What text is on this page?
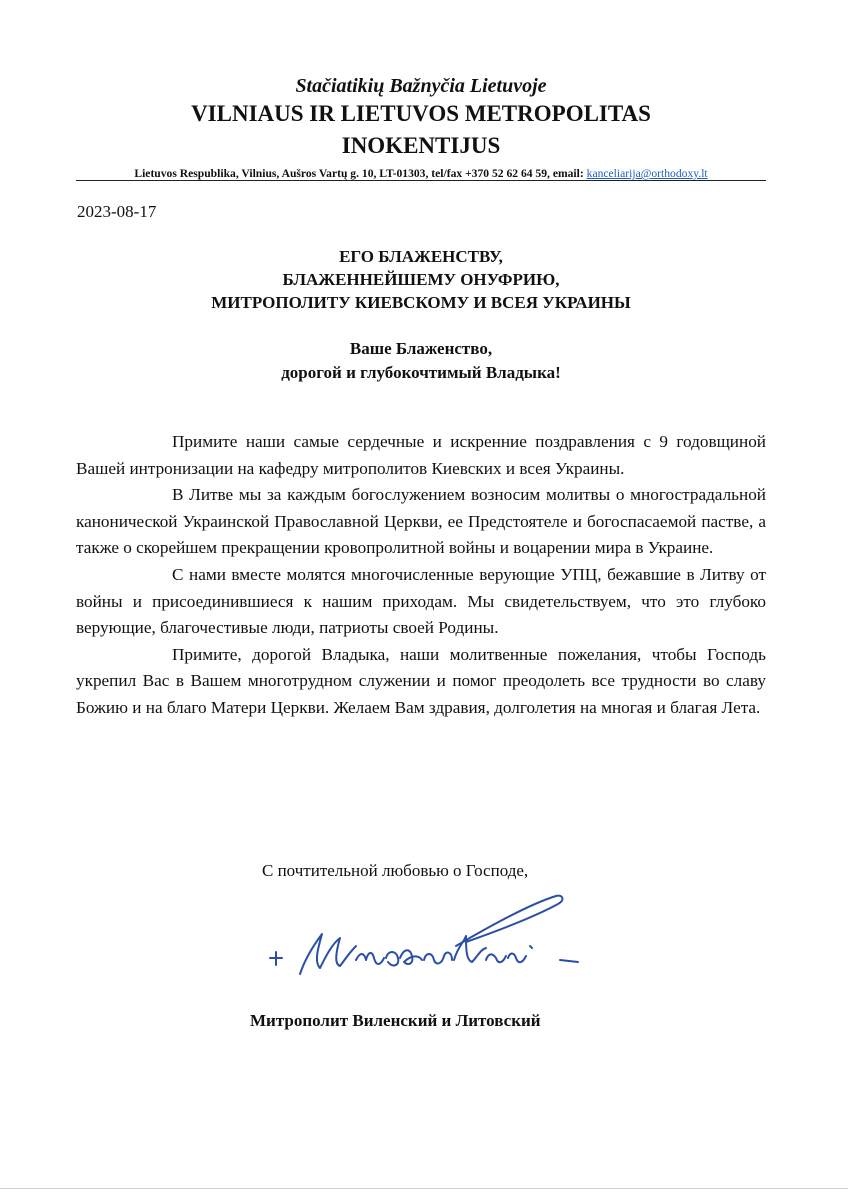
Stačiatikių Bažnyčia Lietuvoje
VILNIAUS IR LIETUVOS METROPOLITAS
INOKENTIJUS
Lietuvos Respublika, Vilnius, Aušros Vartų g. 10, LT-01303, tel/fax +370 52 62 64 59, email: kanceliarija@orthodoxy.lt
2023-08-17
ЕГО БЛАЖЕНСТВУ,
БЛАЖЕННЕЙШЕМУ ОНУФРИЮ,
МИТРОПОЛИТУ КИЕВСКОМУ И ВСЕЯ УКРАИНЫ
Ваше Блаженство,
дорогой и глубокочтимый Владыка!

Примите наши самые сердечные и искренние поздравления с 9 годовщиной Вашей интронизации на кафедру митрополитов Киевских и всея Украины.

В Литве мы за каждым богослужением возносим молитвы о многострадальной канонической Украинской Православной Церкви, ее Предстоятеле и богоспасаемой пастве, а также о скорейшем прекращении кровопролитной войны и воцарении мира в Украине.

С нами вместе молятся многочисленные верующие УПЦ, бежавшие в Литву от войны и присоединившиеся к нашим приходам. Мы свидетельствуем, что это глубоко верующие, благочестивые люди, патриоты своей Родины.

Примите, дорогой Владыка, наши молитвенные пожелания, чтобы Господь укрепил Вас в Вашем многотрудном служении и помог преодолеть все трудности во славу Божию и на благо Матери Церкви. Желаем Вам здравия, долголетия на многая и благая Лета.

С почтительной любовью о Господе,
Митрополит Виленский и Литовский
